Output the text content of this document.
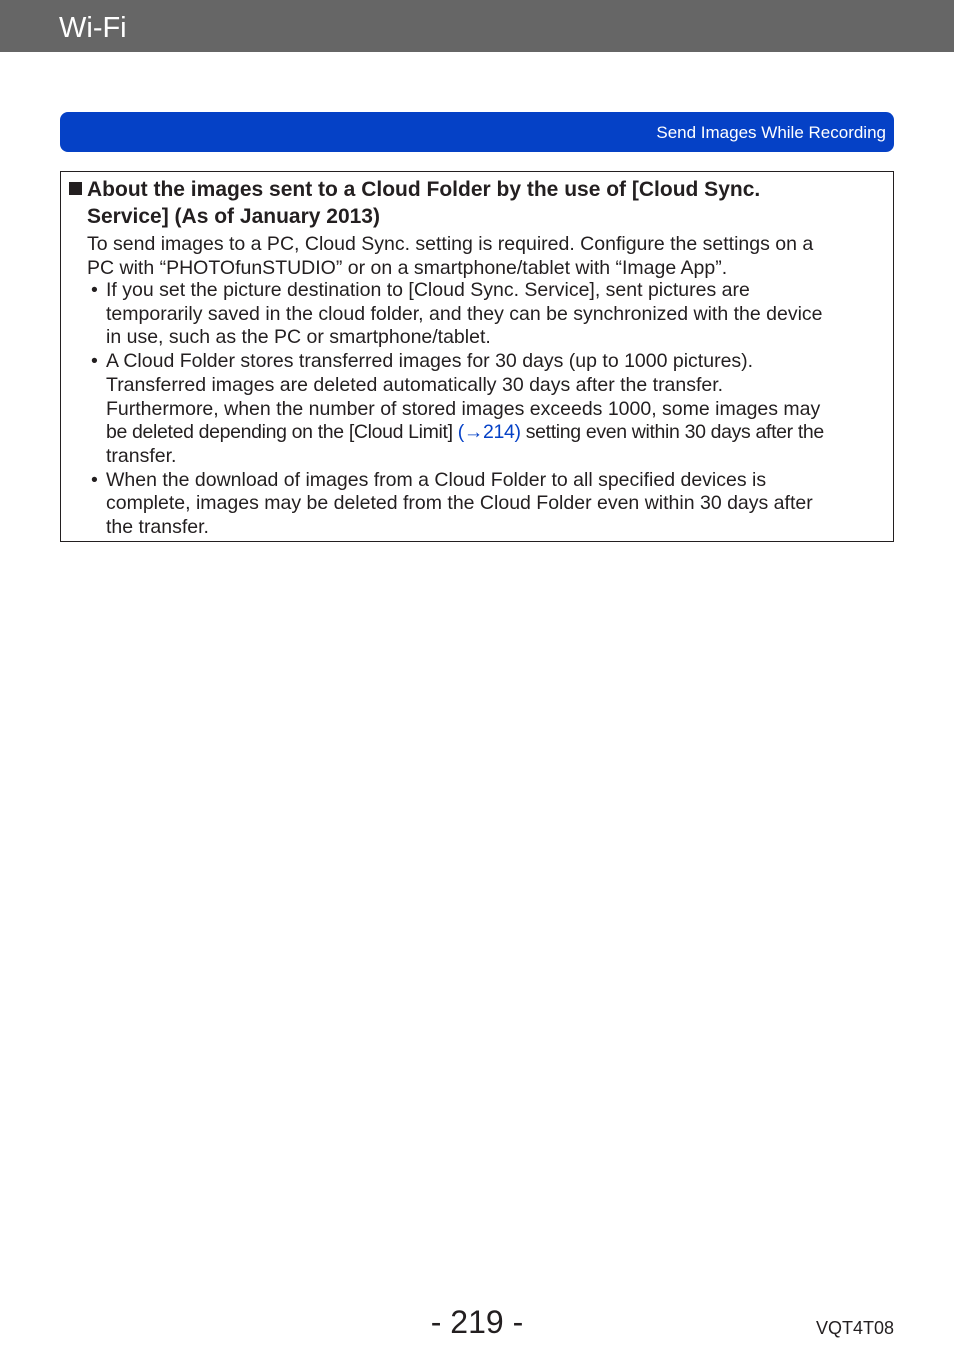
Wi-Fi
Send Images While Recording
About the images sent to a Cloud Folder by the use of [Cloud Sync.
Service] (As of January 2013)

To send images to a PC, Cloud Sync. setting is required. Configure the settings on a
PC with “PHOTOfunSTUDIO” or on a smartphone/tablet with “Image App”.

• If you set the picture destination to [Cloud Sync. Service], sent pictures are
temporarily saved in the cloud folder, and they can be synchronized with the device
in use, such as the PC or smartphone/tablet.
• A Cloud Folder stores transferred images for 30 days (up to 1000 pictures).
Transferred images are deleted automatically 30 days after the transfer.
Furthermore, when the number of stored images exceeds 1000, some images may
be deleted depending on the [Cloud Limit] (→214) setting even within 30 days after the
transfer.
• When the download of images from a Cloud Folder to all specified devices is
complete, images may be deleted from the Cloud Folder even within 30 days after
the transfer.
- 219 -	VQT4T08
